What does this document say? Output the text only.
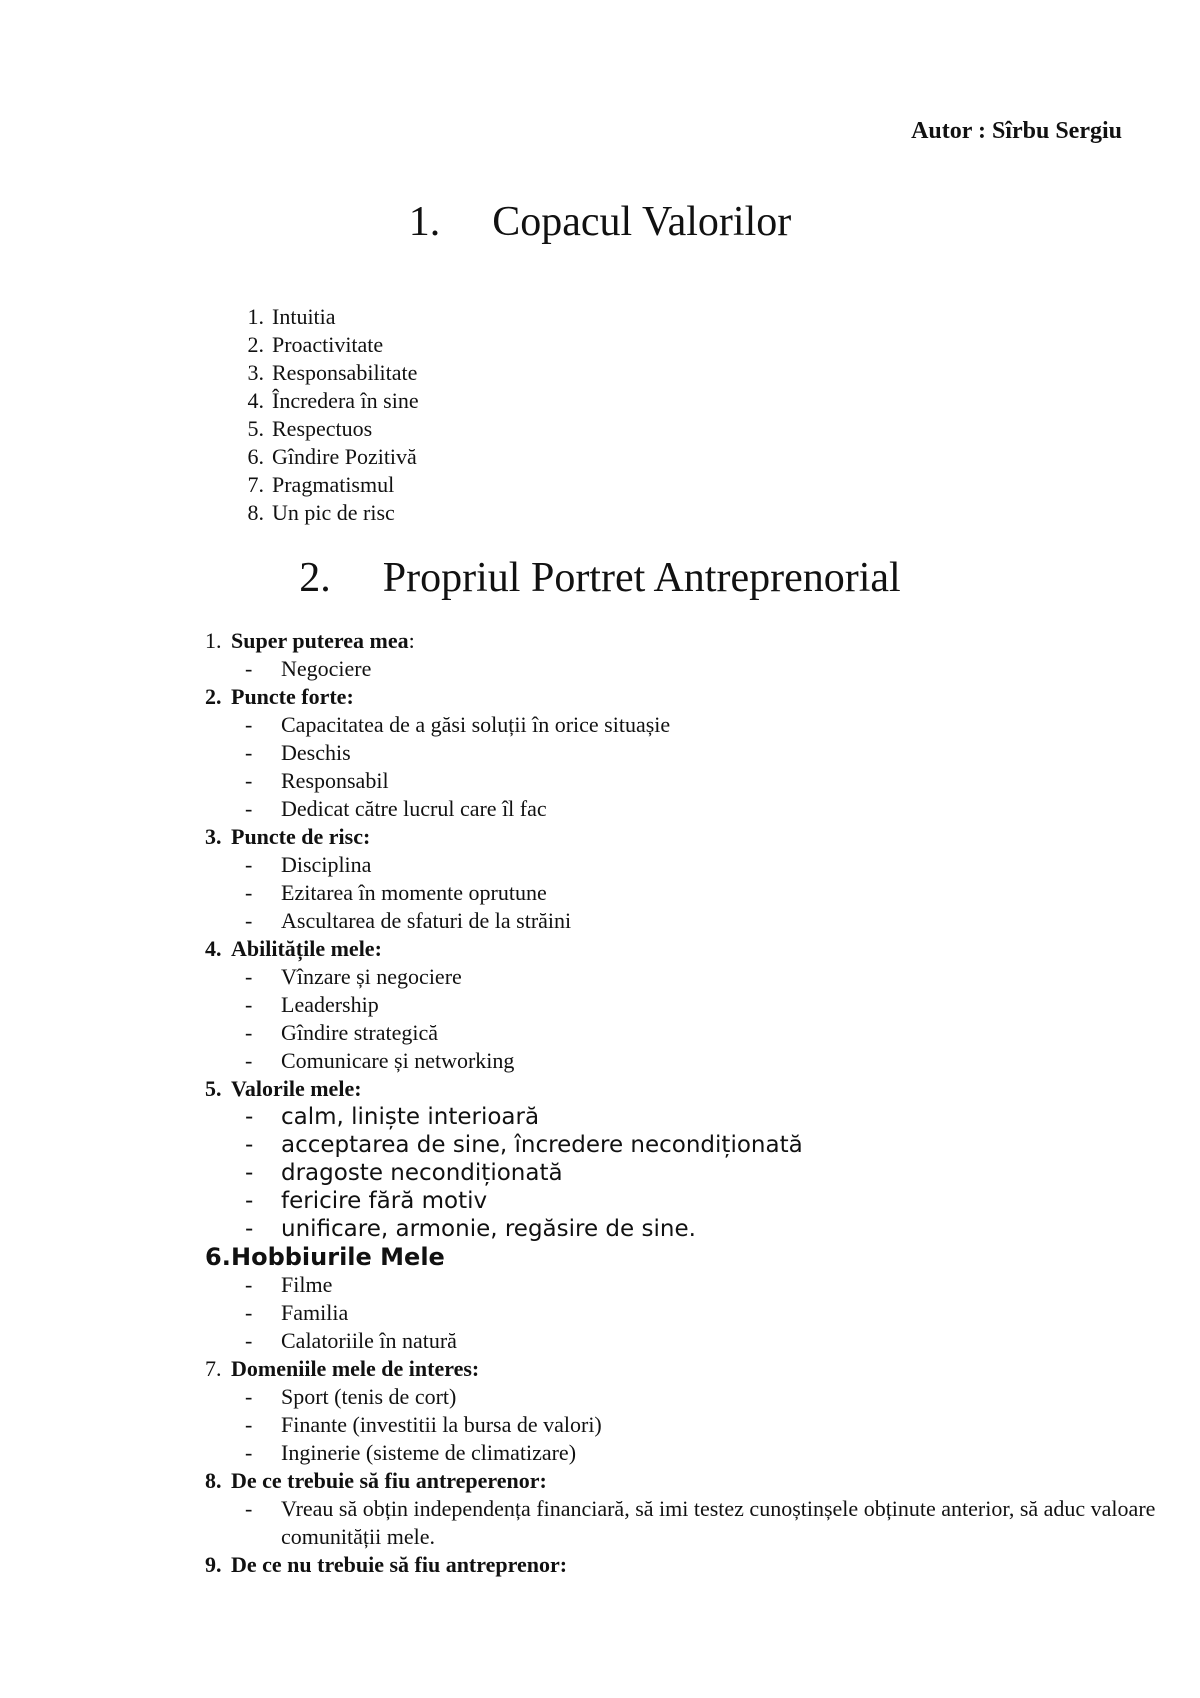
Autor : Sîrbu Sergiu

1. Copacul Valorilor
1. Intuitia
2. Proactivitate
3. Responsabilitate
4. Încredera în sine
5. Respectuos
6. Gîndire Pozitivă
7. Pragmatismul
8. Un pic de risc
2. Propriul Portret Antreprenorial
1. Super puterea mea:
- Negociere
2. Puncte forte:
- Capacitatea de a găsi soluții în orice situașie
- Deschis
- Responsabil
- Dedicat către lucrul care îl fac
3. Puncte de risc:
- Disciplina
- Ezitarea în momente oprutune
- Ascultarea de sfaturi de la străini
4. Abilitățile mele:
- Vînzare și negociere
- Leadership
- Gîndire strategică
- Comunicare și networking
5. Valorile mele:
- calm, liniște interioară
- acceptarea de sine, încredere necondiționată
- dragoste necondiționată
- fericire fără motiv
- unificare, armonie, regăsire de sine.
6.Hobbiurile Mele
- Filme
- Familia
- Calatoriile în natură
7. Domeniile mele de interes:
- Sport (tenis de cort)
- Finante (investitii la bursa de valori)
- Inginerie (sisteme de climatizare)
8. De ce trebuie să fiu antreperenor:
- Vreau să obțin independența financiară, să imi testez cunoștinșele obținute anterior, să aduc valoare comunității mele.
9. De ce nu trebuie să fiu antreprenor:
